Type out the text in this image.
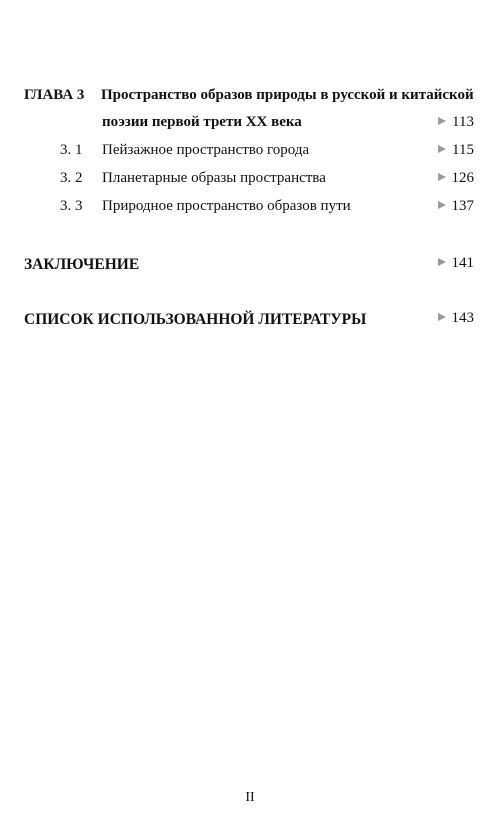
ГЛАВА 3 Пространство образов природы в русской и китайской
поэзии первой трети XX века	113
3. 1 Пейзажное пространство города	115
3. 2 Планетарные образы пространства	126
3. 3 Природное пространство образов пути	137
ЗАКЛЮЧЕНИЕ	141
СПИСОК ИСПОЛЬЗОВАННОЙ ЛИТЕРАТУРЫ	143
II
